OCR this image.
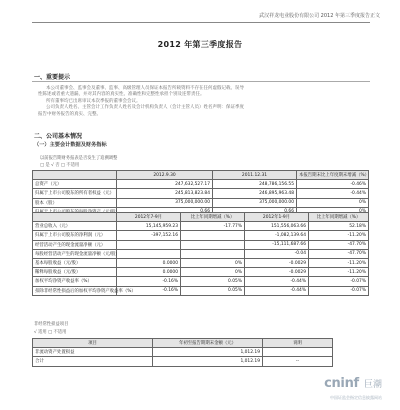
武汉祥龙电业股份有限公司 2012 年第三季度报告正文
2012 年第三季度报告
一、重要提示
本公司董事会、监事会及董事、监事、高级管理人员保证本报告所载资料不存在任何虚假记载、误导
性陈述或者重大遗漏，并对其内容的真实性、准确性和完整性承担个别及连带责任。
所有董事均已出席审议本次季报的董事会会议。
公司负责人姓名、主管会计工作负责人姓名及会计机构负责人（会计主管人员）姓名声明：保证季度
报告中财务报告的真实、完整。
二、公司基本情况
（一）主要会计数据及财务指标
以前报告期财务报表是否发生了追溯调整
□ 是 √ 否 □ 不适用
	2012.9.30	2011.12.31	本报告期末比上年度期末增减（%）
总资产（元）	247,632,527.17	248,786,156.55	-0.46%
归属于上市公司股东的所有者权益（元）	245,813,823.84	246,895,963.48	-0.44%
股本（股）	375,000,000.00	375,000,000.00	0%

	2012年7-9月	比上年同期增减（%）	2012年1-9月	比上年同期增减（%）
营业总收入（元）	15,145,959.23	-17.77%	151,556,063.66	52.18%
归属于上市公司股东的净利润（元）	-397,152.16		-1,082,139.64	-11.20%
经营活动产生的现金流量净额（元）			-15,111,687.66	-47.70%
每股经营活动产生的现金流量净额（元/股）			-0.04	-47.70%
基本每股收益（元/股）	0.0000	0%	-0.0029	-11.20%
稀释每股收益（元/股）	0.0000	0%	-0.0029	-11.20%
加权平均净资产收益率（%）	-0.16%	0.05%	-0.44%	-0.07%
扣除非经常性损益后的加权平均净资产收益率（%）	-0.16%	0.05%	-0.44%	-0.07%
非经常性损益项目
√ 适用 □ 不适用
项目	年初至报告期期末金额（元）	说明
非流动资产处置损益	1,012.19	
合计	1,012.19	--
cninf 巨潮
中国证监会指定信息披露网站
